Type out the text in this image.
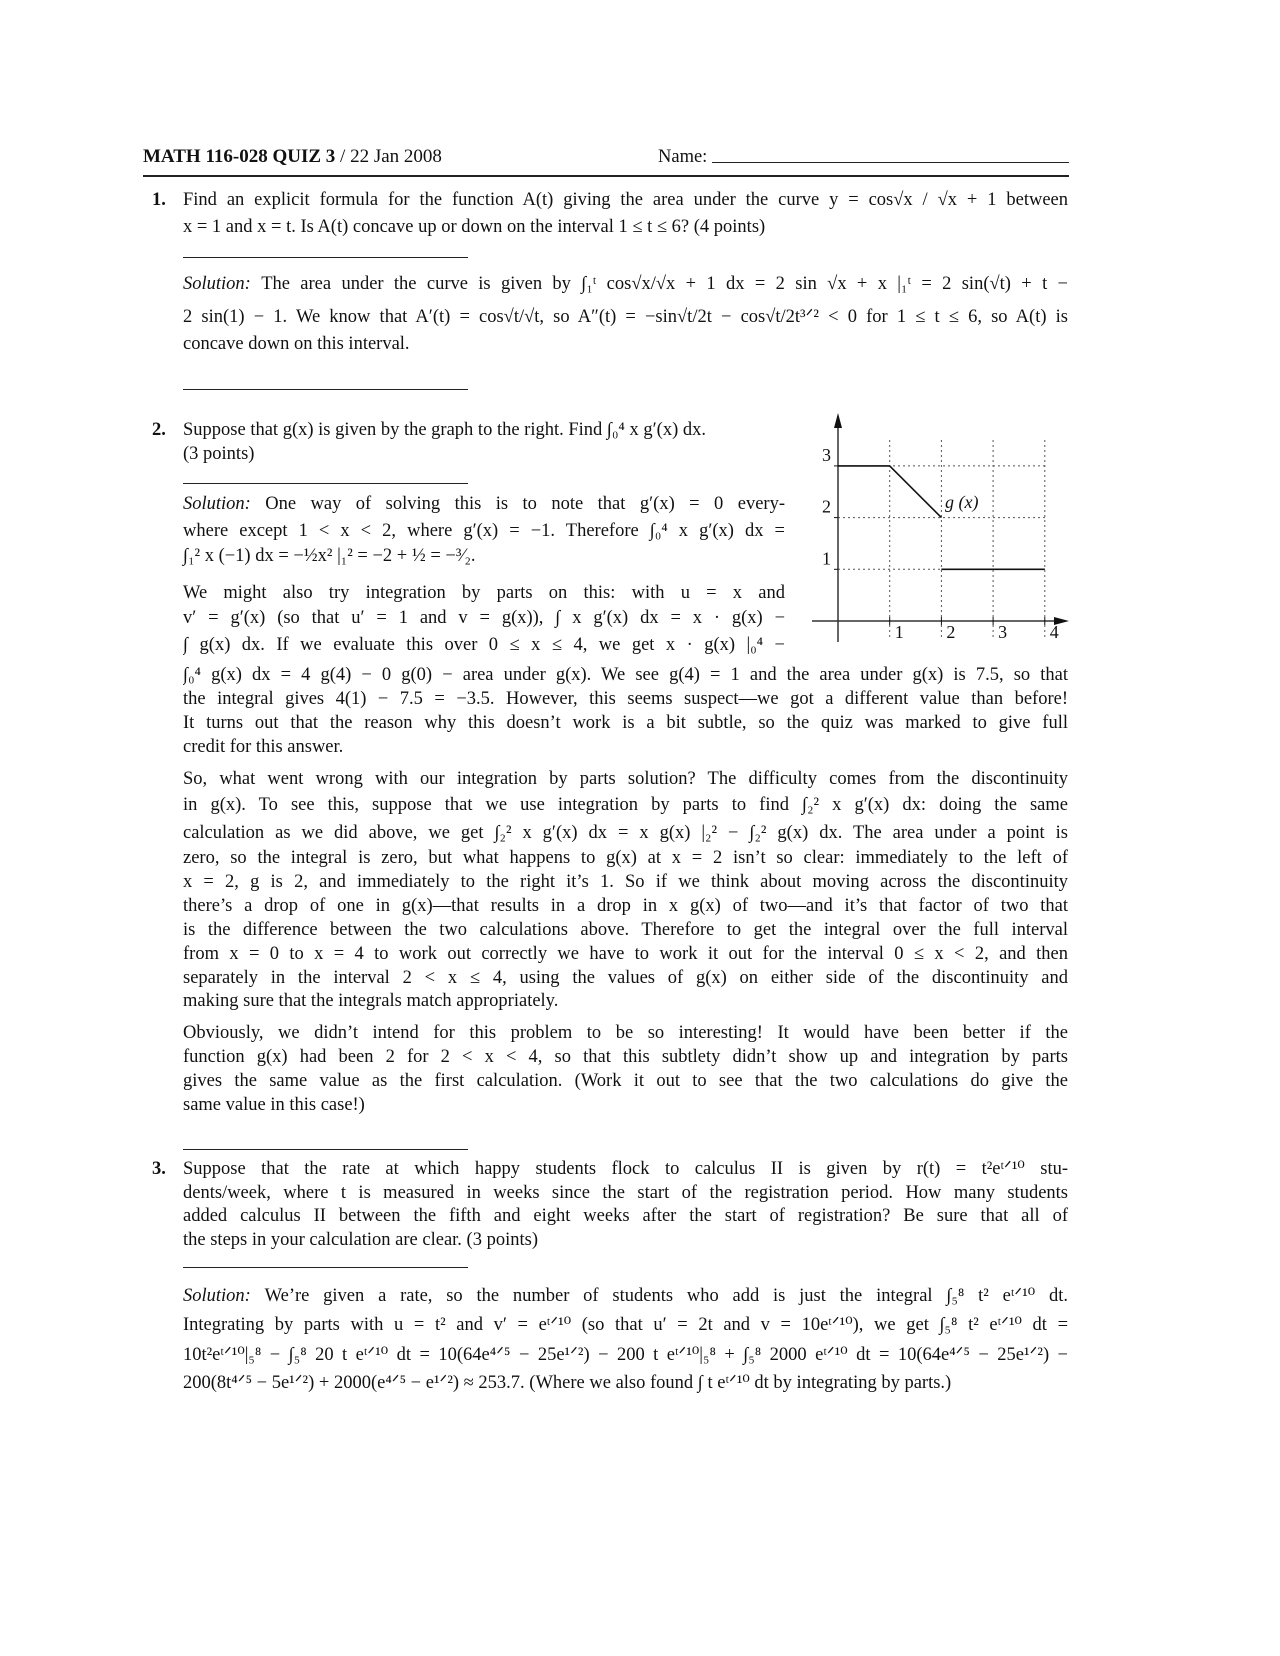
MATH 116-028 QUIZ 3 / 22 Jan 2008	Name:
3
2
1
1 2 3 4
g (x)
1. Find an explicit formula for the function A(t) giving the area under the curve y = cos√x / √x + 1 between
x = 1 and x = t. Is A(t) concave up or down on the interval 1 ≤ t ≤ 6? (4 points)
Solution: The area under the curve is given by ∫₁ᵗ cos√x/√x + 1 dx = 2 sin √x + x |₁ᵗ = 2 sin(√t) + t −
2 sin(1) − 1. We know that A′(t) = cos√t/√t, so A″(t) = −sin√t/2t − cos√t/2t³ᐟ² < 0 for 1 ≤ t ≤ 6, so A(t) is
concave down on this interval.
2. Suppose that g(x) is given by the graph to the right. Find ∫₀⁴ x g′(x) dx.
(3 points)
Solution: One way of solving this is to note that g′(x) = 0 every-
where except 1 < x < 2, where g′(x) = −1. Therefore ∫₀⁴ x g′(x) dx =
∫₁² x (−1) dx = −½x² |₁² = −2 + ½ = −³⁄₂.
We might also try integration by parts on this: with u = x and
v′ = g′(x) (so that u′ = 1 and v = g(x)), ∫ x g′(x) dx = x · g(x) −
∫ g(x) dx. If we evaluate this over 0 ≤ x ≤ 4, we get x · g(x) |₀⁴ −
∫₀⁴ g(x) dx = 4 g(4) − 0 g(0) − area under g(x). We see g(4) = 1 and the area under g(x) is 7.5, so that
the integral gives 4(1) − 7.5 = −3.5. However, this seems suspect—we got a different value than before!
It turns out that the reason why this doesn’t work is a bit subtle, so the quiz was marked to give full
credit for this answer.
So, what went wrong with our integration by parts solution? The difficulty comes from the discontinuity
in g(x). To see this, suppose that we use integration by parts to find ∫₂² x g′(x) dx: doing the same
calculation as we did above, we get ∫₂² x g′(x) dx = x g(x) |₂² − ∫₂² g(x) dx. The area under a point is
zero, so the integral is zero, but what happens to g(x) at x = 2 isn’t so clear: immediately to the left of
x = 2, g is 2, and immediately to the right it’s 1. So if we think about moving across the discontinuity
there’s a drop of one in g(x)—that results in a drop in x g(x) of two—and it’s that factor of two that
is the difference between the two calculations above. Therefore to get the integral over the full interval
from x = 0 to x = 4 to work out correctly we have to work it out for the interval 0 ≤ x < 2, and then
separately in the interval 2 < x ≤ 4, using the values of g(x) on either side of the discontinuity and
making sure that the integrals match appropriately.
Obviously, we didn’t intend for this problem to be so interesting! It would have been better if the
function g(x) had been 2 for 2 < x < 4, so that this subtlety didn’t show up and integration by parts
gives the same value as the first calculation. (Work it out to see that the two calculations do give the
same value in this case!)
3. Suppose that the rate at which happy students flock to calculus II is given by r(t) = t²eᵗᐟ¹⁰ stu-
dents/week, where t is measured in weeks since the start of the registration period. How many students
added calculus II between the fifth and eight weeks after the start of registration? Be sure that all of
the steps in your calculation are clear. (3 points)
Solution: We’re given a rate, so the number of students who add is just the integral ∫₅⁸ t² eᵗᐟ¹⁰ dt.
Integrating by parts with u = t² and v′ = eᵗᐟ¹⁰ (so that u′ = 2t and v = 10eᵗᐟ¹⁰), we get ∫₅⁸ t² eᵗᐟ¹⁰ dt =
10t²eᵗᐟ¹⁰|₅⁸ − ∫₅⁸ 20 t eᵗᐟ¹⁰ dt = 10(64e⁴ᐟ⁵ − 25e¹ᐟ²) − 200 t eᵗᐟ¹⁰|₅⁸ + ∫₅⁸ 2000 eᵗᐟ¹⁰ dt = 10(64e⁴ᐟ⁵ − 25e¹ᐟ²) −
200(8t⁴ᐟ⁵ − 5e¹ᐟ²) + 2000(e⁴ᐟ⁵ − e¹ᐟ²) ≈ 253.7. (Where we also found ∫ t eᵗᐟ¹⁰ dt by integrating by parts.)
